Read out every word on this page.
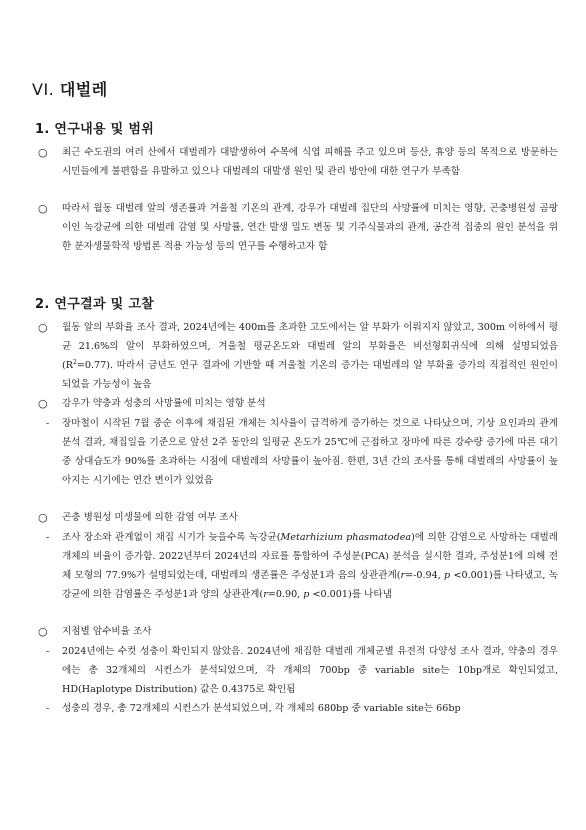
VI. 대벌레
1. 연구내용 및 범위
○ 최근 수도권의 여러 산에서 대벌레가 대발생하여 수목에 식엽 피해를 주고 있으며 등산, 휴양 등의 목적으로 방문하는 시민들에게 불편함을 유발하고 있으나 대벌레의 대발생 원인 및 관리 방안에 대한 연구가 부족함
○ 따라서 월동 대벌레 알의 생존률과 겨울철 기온의 관계, 강우가 대벌레 집단의 사망률에 미치는 영향, 곤충병원성 곰팡이인 녹강균에 의한 대벌레 감염 및 사망률, 연간 발생 밀도 변동 및 기주식물과의 관계, 공간적 집중의 원인 분석을 위한 분자생물학적 방법론 적용 가능성 등의 연구를 수행하고자 함
2. 연구결과 및 고찰
○ 월동 알의 부화율 조사 결과, 2024년에는 400m를 초과한 고도에서는 알 부화가 이뤄지지 않았고, 300m 이하에서 평균 21.6%의 알이 부화하였으며, 겨울철 평균온도와 대벌레 알의 부화율은 비선형회귀식에 의해 설명되었음$(R^2=0.77)$. 따라서 금년도 연구 결과에 기반할 때 겨울철 기온의 증가는 대벌레의 알 부화율 증가의 직접적인 원인이 되었을 가능성이 높음
○ 강우가 약충과 성충의 사망률에 미치는 영향 분석
- 장마철이 시작된 7월 중순 이후에 채집된 개체는 치사율이 급격하게 증가하는 것으로 나타났으며, 기상 요인과의 관계 분석 결과, 채집일을 기준으로 앞선 2주 동안의 일평균 온도가 25℃에 근접하고 장마에 따른 강수량 증가에 따른 대기 중 상대습도가 90%를 초과하는 시점에 대벌레의 사망률이 높아짐. 한편, 3년 간의 조사를 통해 대벌레의 사망률이 높아지는 시기에는 연간 변이가 있었음
○ 곤충 병원성 미생물에 의한 감염 여부 조사
- 조사 장소와 관계없이 채집 시기가 늦을수록 녹강균(Metarhizium phasmatodea)에 의한 감염으로 사망하는 대벌레 개체의 비율이 증가함. 2022년부터 2024년의 자료를 통합하여 주성분(PCA) 분석을 실시한 결과, 주성분1에 의해 전체 모형의 77.9%가 설명되었는데, 대벌레의 생존률은 주성분1과 음의 상관관계(r=-0.94, p <0.001)를 나타냈고, 녹강균에 의한 감염률은 주성분1과 양의 상관관계(r=0.90, p <0.001)를 나타냄
○ 지점별 암수비율 조사
- 2024년에는 수컷 성충이 확인되지 않았음. 2024년에 채집한 대벌레 개체군별 유전적 다양성 조사 결과, 약충의 경우에는 총 32개체의 시컨스가 분석되었으며, 각 개체의 700bp 중 variable site는 10bp개로 확인되었고, HD(Haplotype Distribution) 값은 0.4375로 확인됨
- 성충의 경우, 총 72개체의 시컨스가 분석되었으며, 각 개체의 680bp 중 variable site는 66bp
